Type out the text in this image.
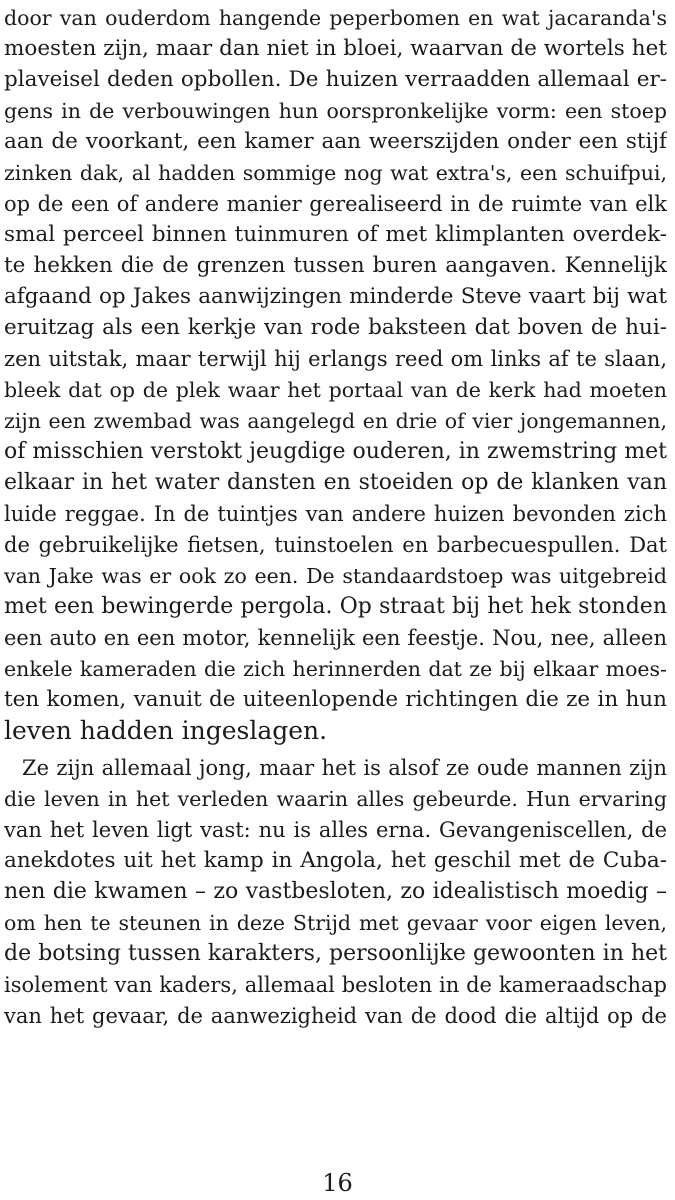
door van ouderdom hangende peperbomen en wat jacaranda's
moesten zijn, maar dan niet in bloei, waarvan de wortels het
plaveisel deden opbollen. De huizen verraadden allemaal er-
gens in de verbouwingen hun oorspronkelijke vorm: een stoep
aan de voorkant, een kamer aan weerszijden onder een stijf
zinken dak, al hadden sommige nog wat extra's, een schuifpui,
op de een of andere manier gerealiseerd in de ruimte van elk
smal perceel binnen tuinmuren of met klimplanten overdek-
te hekken die de grenzen tussen buren aangaven. Kennelijk
afgaand op Jakes aanwijzingen minderde Steve vaart bij wat
eruitzag als een kerkje van rode baksteen dat boven de hui-
zen uitstak, maar terwijl hij erlangs reed om links af te slaan,
bleek dat op de plek waar het portaal van de kerk had moeten
zijn een zwembad was aangelegd en drie of vier jongemannen,
of misschien verstokt jeugdige ouderen, in zwemstring met
elkaar in het water dansten en stoeiden op de klanken van
luide reggae. In de tuintjes van andere huizen bevonden zich
de gebruikelijke fietsen, tuinstoelen en barbecuespullen. Dat
van Jake was er ook zo een. De standaardstoep was uitgebreid
met een bewingerde pergola. Op straat bij het hek stonden
een auto en een motor, kennelijk een feestje. Nou, nee, alleen
enkele kameraden die zich herinnerden dat ze bij elkaar moes-
ten komen, vanuit de uiteenlopende richtingen die ze in hun
leven hadden ingeslagen.
Ze zijn allemaal jong, maar het is alsof ze oude mannen zijn
die leven in het verleden waarin alles gebeurde. Hun ervaring
van het leven ligt vast: nu is alles erna. Gevangeniscellen, de
anekdotes uit het kamp in Angola, het geschil met de Cuba-
nen die kwamen – zo vastbesloten, zo idealistisch moedig –
om hen te steunen in deze Strijd met gevaar voor eigen leven,
de botsing tussen karakters, persoonlijke gewoonten in het
isolement van kaders, allemaal besloten in de kameraadschap
van het gevaar, de aanwezigheid van de dood die altijd op de
16
